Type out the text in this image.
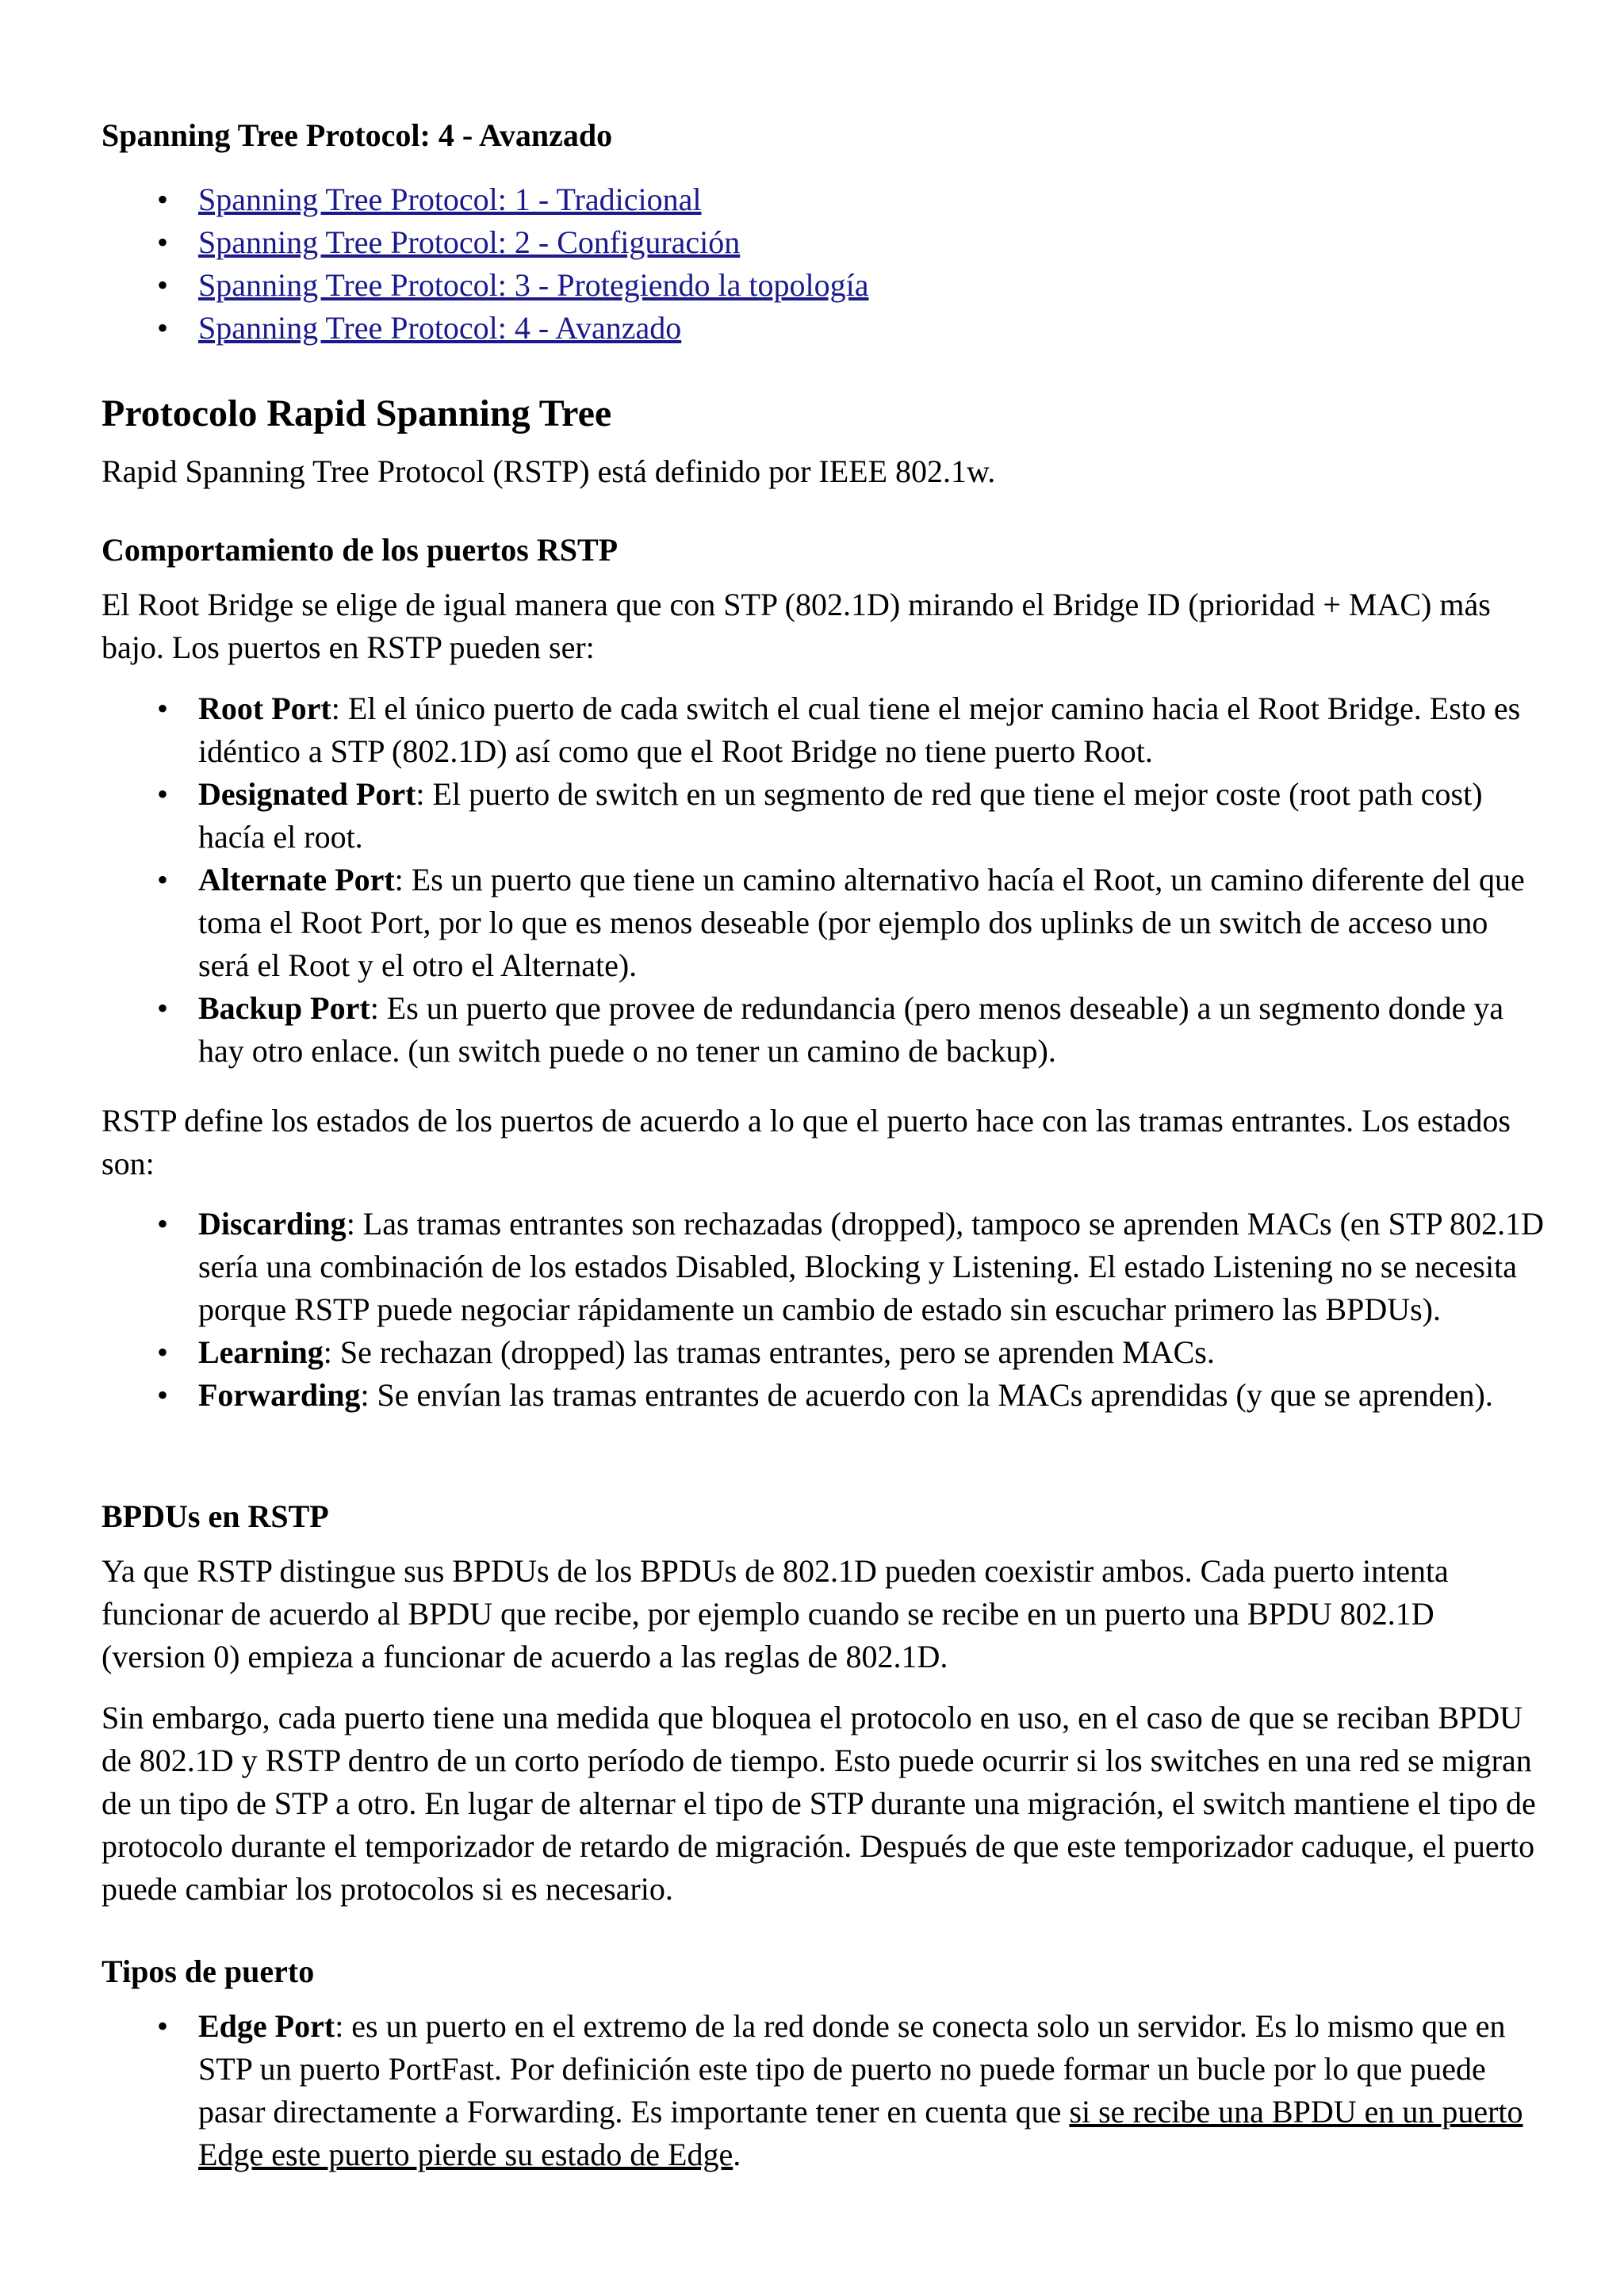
Spanning Tree Protocol: 4 - Avanzado
• Spanning Tree Protocol: 1 - Tradicional
• Spanning Tree Protocol: 2 - Configuración
• Spanning Tree Protocol: 3 - Protegiendo la topología
• Spanning Tree Protocol: 4 - Avanzado
Protocolo Rapid Spanning Tree

Rapid Spanning Tree Protocol (RSTP) está definido por IEEE 802.1w.

Comportamiento de los puertos RSTP

El Root Bridge se elige de igual manera que con STP (802.1D) mirando el Bridge ID (prioridad + MAC) más bajo. Los puertos en RSTP pueden ser:

• Root Port: El el único puerto de cada switch el cual tiene el mejor camino hacia el Root Bridge. Esto es idéntico a STP (802.1D) así como que el Root Bridge no tiene puerto Root.
• Designated Port: El puerto de switch en un segmento de red que tiene el mejor coste (root path cost) hacía el root.
• Alternate Port: Es un puerto que tiene un camino alternativo hacía el Root, un camino diferente del que toma el Root Port, por lo que es menos deseable (por ejemplo dos uplinks de un switch de acceso uno será el Root y el otro el Alternate).
• Backup Port: Es un puerto que provee de redundancia (pero menos deseable) a un segmento donde ya hay otro enlace. (un switch puede o no tener un camino de backup).

RSTP define los estados de los puertos de acuerdo a lo que el puerto hace con las tramas entrantes. Los estados son:

• Discarding: Las tramas entrantes son rechazadas (dropped), tampoco se aprenden MACs (en STP 802.1D sería una combinación de los estados Disabled, Blocking y Listening. El estado Listening no se necesita porque RSTP puede negociar rápidamente un cambio de estado sin escuchar primero las BPDUs).
• Learning: Se rechazan (dropped) las tramas entrantes, pero se aprenden MACs.
• Forwarding: Se envían las tramas entrantes de acuerdo con la MACs aprendidas (y que se aprenden).
BPDUs en RSTP

Ya que RSTP distingue sus BPDUs de los BPDUs de 802.1D pueden coexistir ambos. Cada puerto intenta funcionar de acuerdo al BPDU que recibe, por ejemplo cuando se recibe en un puerto una BPDU 802.1D (version 0) empieza a funcionar de acuerdo a las reglas de 802.1D.

Sin embargo, cada puerto tiene una medida que bloquea el protocolo en uso, en el caso de que se reciban BPDU de 802.1D y RSTP dentro de un corto período de tiempo. Esto puede ocurrir si los switches en una red se migran de un tipo de STP a otro. En lugar de alternar el tipo de STP durante una migración, el switch mantiene el tipo de protocolo durante el temporizador de retardo de migración. Después de que este temporizador caduque, el puerto puede cambiar los protocolos si es necesario.

Tipos de puerto
• Edge Port: es un puerto en el extremo de la red donde se conecta solo un servidor. Es lo mismo que en STP un puerto PortFast. Por definición este tipo de puerto no puede formar un bucle por lo que puede pasar directamente a Forwarding. Es importante tener en cuenta que si se recibe una BPDU en un puerto Edge este puerto pierde su estado de Edge.
